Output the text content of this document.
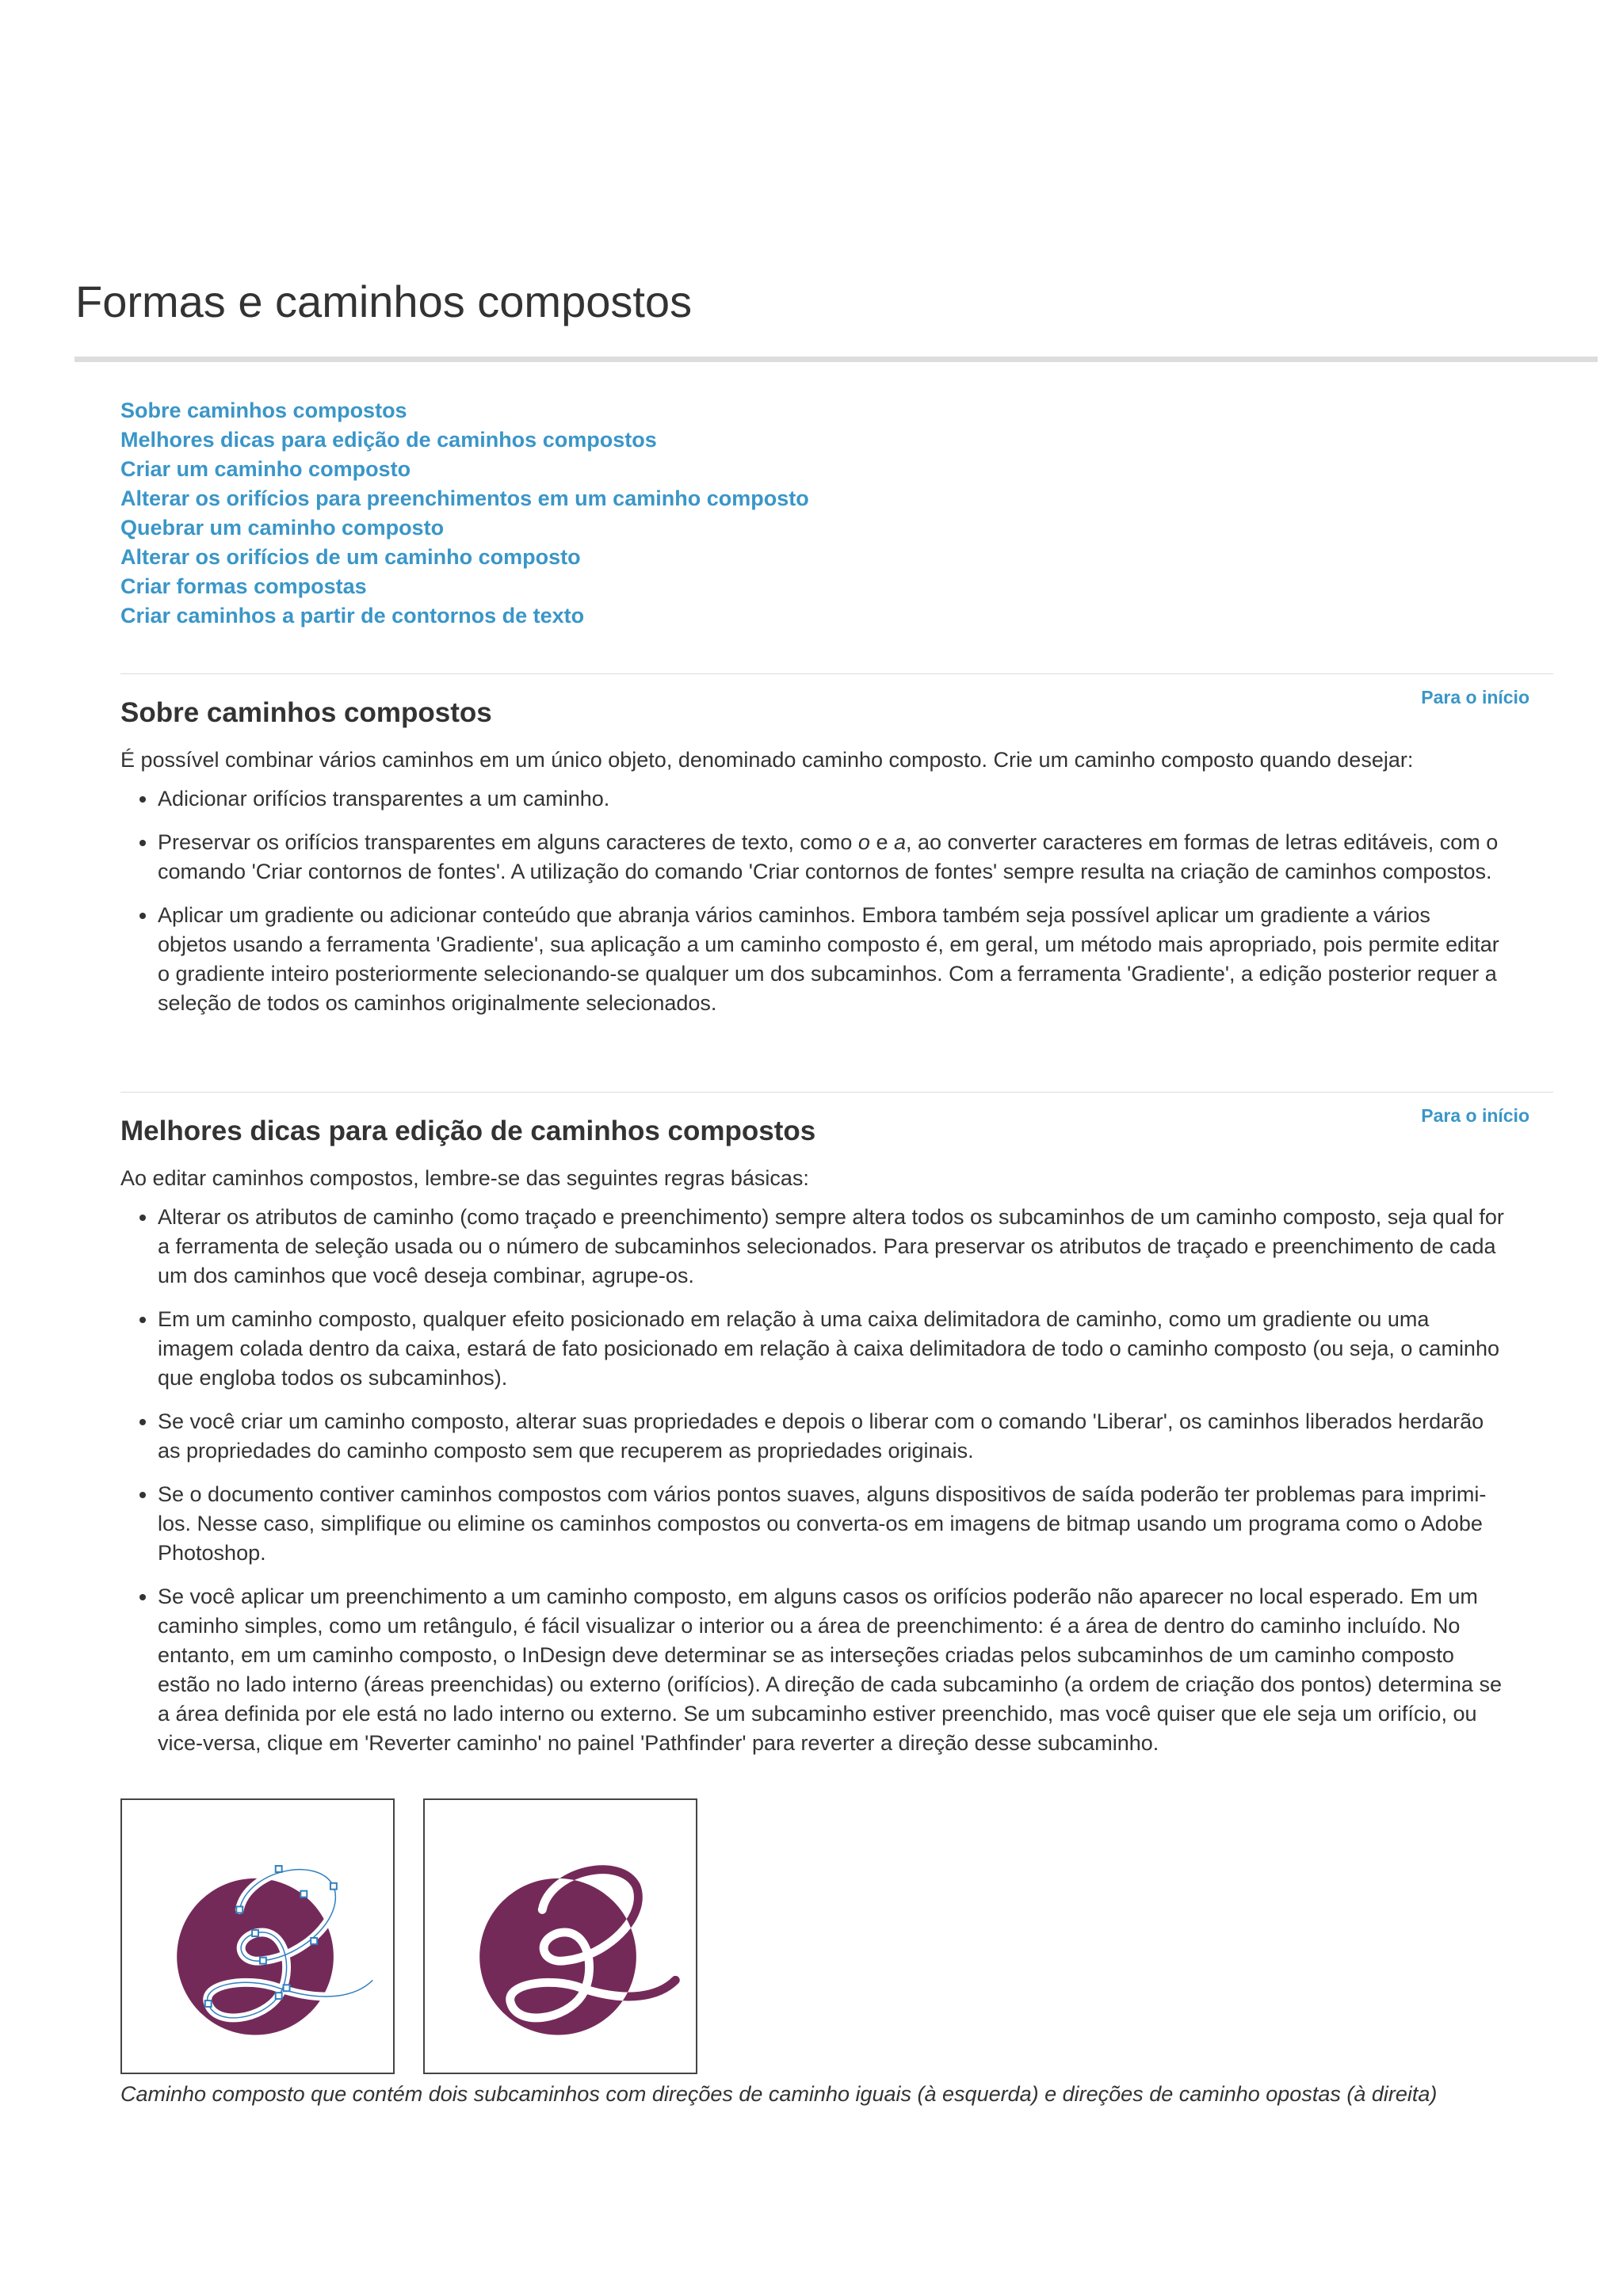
Formas e caminhos compostos
Sobre caminhos compostos
Melhores dicas para edição de caminhos compostos
Criar um caminho composto
Alterar os orifícios para preenchimentos em um caminho composto
Quebrar um caminho composto
Alterar os orifícios de um caminho composto
Criar formas compostas
Criar caminhos a partir de contornos de texto
Para o início
Sobre caminhos compostos

É possível combinar vários caminhos em um único objeto, denominado caminho composto. Crie um caminho composto quando desejar:

• Adicionar orifícios transparentes a um caminho.
• Preservar os orifícios transparentes em alguns caracteres de texto, como o e a, ao converter caracteres em formas de letras editáveis, com o comando 'Criar contornos de fontes'. A utilização do comando 'Criar contornos de fontes' sempre resulta na criação de caminhos compostos.
• Aplicar um gradiente ou adicionar conteúdo que abranja vários caminhos. Embora também seja possível aplicar um gradiente a vários objetos usando a ferramenta 'Gradiente', sua aplicação a um caminho composto é, em geral, um método mais apropriado, pois permite editar o gradiente inteiro posteriormente selecionando-se qualquer um dos subcaminhos. Com a ferramenta 'Gradiente', a edição posterior requer a seleção de todos os caminhos originalmente selecionados.
Para o início
Melhores dicas para edição de caminhos compostos

Ao editar caminhos compostos, lembre-se das seguintes regras básicas:

• Alterar os atributos de caminho (como traçado e preenchimento) sempre altera todos os subcaminhos de um caminho composto, seja qual for a ferramenta de seleção usada ou o número de subcaminhos selecionados. Para preservar os atributos de traçado e preenchimento de cada um dos caminhos que você deseja combinar, agrupe-os.
• Em um caminho composto, qualquer efeito posicionado em relação à uma caixa delimitadora de caminho, como um gradiente ou uma imagem colada dentro da caixa, estará de fato posicionado em relação à caixa delimitadora de todo o caminho composto (ou seja, o caminho que engloba todos os subcaminhos).
• Se você criar um caminho composto, alterar suas propriedades e depois o liberar com o comando 'Liberar', os caminhos liberados herdarão as propriedades do caminho composto sem que recuperem as propriedades originais.
• Se o documento contiver caminhos compostos com vários pontos suaves, alguns dispositivos de saída poderão ter problemas para imprimi-los. Nesse caso, simplifique ou elimine os caminhos compostos ou converta-os em imagens de bitmap usando um programa como o Adobe Photoshop.
• Se você aplicar um preenchimento a um caminho composto, em alguns casos os orifícios poderão não aparecer no local esperado. Em um caminho simples, como um retângulo, é fácil visualizar o interior ou a área de preenchimento: é a área de dentro do caminho incluído. No entanto, em um caminho composto, o InDesign deve determinar se as interseções criadas pelos subcaminhos de um caminho composto estão no lado interno (áreas preenchidas) ou externo (orifícios). A direção de cada subcaminho (a ordem de criação dos pontos) determina se a área definida por ele está no lado interno ou externo. Se um subcaminho estiver preenchido, mas você quiser que ele seja um orifício, ou vice-versa, clique em 'Reverter caminho' no painel 'Pathfinder' para reverter a direção desse subcaminho.

Caminho composto que contém dois subcaminhos com direções de caminho iguais (à esquerda) e direções de caminho opostas (à direita)
